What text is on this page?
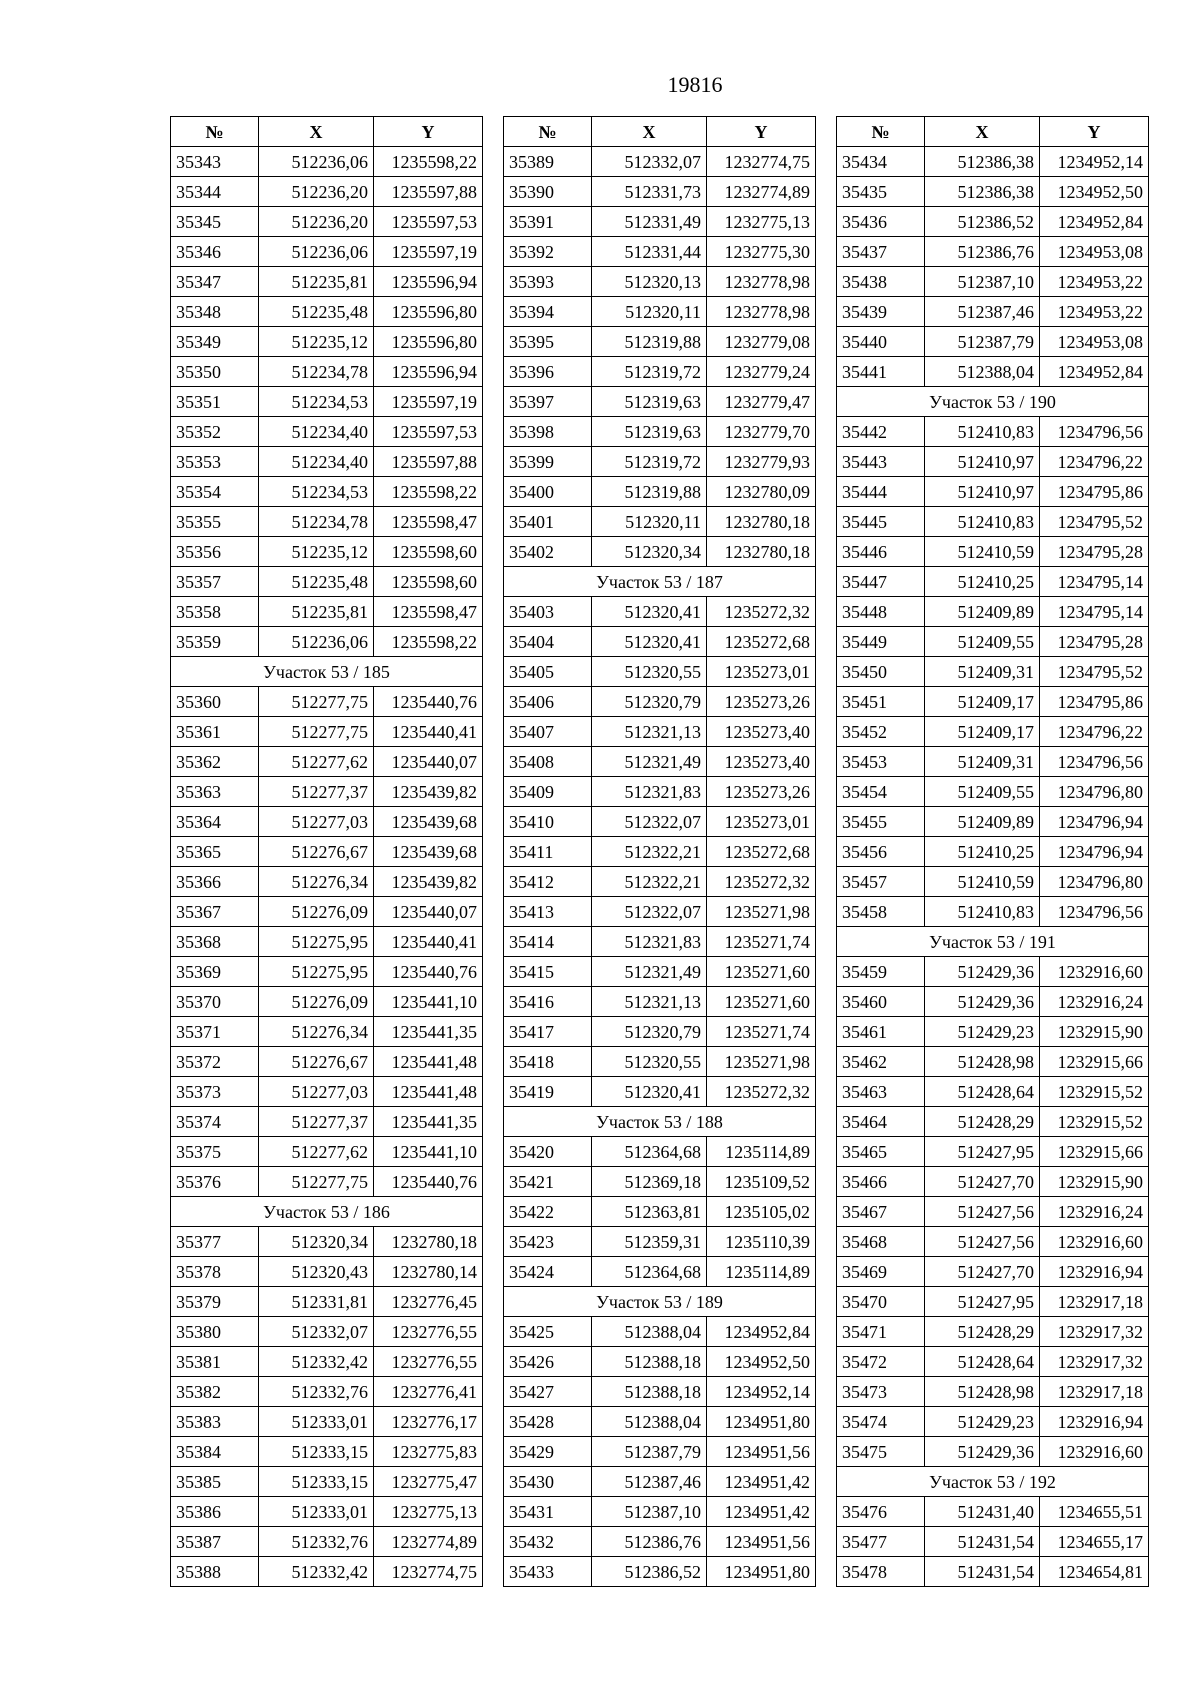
19816
№	X	Y
35343	512236,06	1235598,22
35344	512236,20	1235597,88
35345	512236,20	1235597,53
35346	512236,06	1235597,19
35347	512235,81	1235596,94
35348	512235,48	1235596,80
35349	512235,12	1235596,80
35350	512234,78	1235596,94
35351	512234,53	1235597,19
35352	512234,40	1235597,53
35353	512234,40	1235597,88
35354	512234,53	1235598,22
35355	512234,78	1235598,47
35356	512235,12	1235598,60
35357	512235,48	1235598,60
35358	512235,81	1235598,47
35359	512236,06	1235598,22
Участок 53 / 185		
35360	512277,75	1235440,76
35361	512277,75	1235440,41
35362	512277,62	1235440,07
35363	512277,37	1235439,82
35364	512277,03	1235439,68
35365	512276,67	1235439,68
35366	512276,34	1235439,82
35367	512276,09	1235440,07
35368	512275,95	1235440,41
35369	512275,95	1235440,76
35370	512276,09	1235441,10
35371	512276,34	1235441,35
35372	512276,67	1235441,48
35373	512277,03	1235441,48
35374	512277,37	1235441,35
35375	512277,62	1235441,10
35376	512277,75	1235440,76
Участок 53 / 186		
35377	512320,34	1232780,18
35378	512320,43	1232780,14
35379	512331,81	1232776,45
35380	512332,07	1232776,55
35381	512332,42	1232776,55
35382	512332,76	1232776,41
35383	512333,01	1232776,17
35384	512333,15	1232775,83
35385	512333,15	1232775,47
35386	512333,01	1232775,13
35387	512332,76	1232774,89
35388	512332,42	1232774,75
№	X	Y
35389	512332,07	1232774,75
35390	512331,73	1232774,89
35391	512331,49	1232775,13
35392	512331,44	1232775,30
35393	512320,13	1232778,98
35394	512320,11	1232778,98
35395	512319,88	1232779,08
35396	512319,72	1232779,24
35397	512319,63	1232779,47
35398	512319,63	1232779,70
35399	512319,72	1232779,93
35400	512319,88	1232780,09
35401	512320,11	1232780,18
35402	512320,34	1232780,18
Участок 53 / 187		
35403	512320,41	1235272,32
35404	512320,41	1235272,68
35405	512320,55	1235273,01
35406	512320,79	1235273,26
35407	512321,13	1235273,40
35408	512321,49	1235273,40
35409	512321,83	1235273,26
35410	512322,07	1235273,01
35411	512322,21	1235272,68
35412	512322,21	1235272,32
35413	512322,07	1235271,98
35414	512321,83	1235271,74
35415	512321,49	1235271,60
35416	512321,13	1235271,60
35417	512320,79	1235271,74
35418	512320,55	1235271,98
35419	512320,41	1235272,32
Участок 53 / 188		
35420	512364,68	1235114,89
35421	512369,18	1235109,52
35422	512363,81	1235105,02
35423	512359,31	1235110,39
35424	512364,68	1235114,89
Участок 53 / 189		
35425	512388,04	1234952,84
35426	512388,18	1234952,50
35427	512388,18	1234952,14
35428	512388,04	1234951,80
35429	512387,79	1234951,56
35430	512387,46	1234951,42
35431	512387,10	1234951,42
35432	512386,76	1234951,56
35433	512386,52	1234951,80
№	X	Y
35434	512386,38	1234952,14
35435	512386,38	1234952,50
35436	512386,52	1234952,84
35437	512386,76	1234953,08
35438	512387,10	1234953,22
35439	512387,46	1234953,22
35440	512387,79	1234953,08
35441	512388,04	1234952,84
Участок 53 / 190		
35442	512410,83	1234796,56
35443	512410,97	1234796,22
35444	512410,97	1234795,86
35445	512410,83	1234795,52
35446	512410,59	1234795,28
35447	512410,25	1234795,14
35448	512409,89	1234795,14
35449	512409,55	1234795,28
35450	512409,31	1234795,52
35451	512409,17	1234795,86
35452	512409,17	1234796,22
35453	512409,31	1234796,56
35454	512409,55	1234796,80
35455	512409,89	1234796,94
35456	512410,25	1234796,94
35457	512410,59	1234796,80
35458	512410,83	1234796,56
Участок 53 / 191		
35459	512429,36	1232916,60
35460	512429,36	1232916,24
35461	512429,23	1232915,90
35462	512428,98	1232915,66
35463	512428,64	1232915,52
35464	512428,29	1232915,52
35465	512427,95	1232915,66
35466	512427,70	1232915,90
35467	512427,56	1232916,24
35468	512427,56	1232916,60
35469	512427,70	1232916,94
35470	512427,95	1232917,18
35471	512428,29	1232917,32
35472	512428,64	1232917,32
35473	512428,98	1232917,18
35474	512429,23	1232916,94
35475	512429,36	1232916,60
Участок 53 / 192		
35476	512431,40	1234655,51
35477	512431,54	1234655,17
35478	512431,54	1234654,81
